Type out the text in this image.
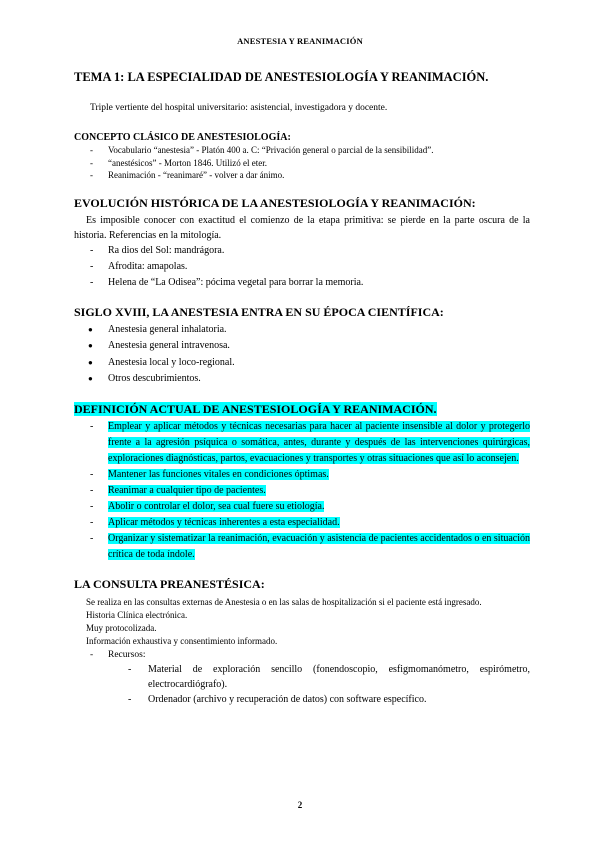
ANESTESIA Y REANIMACIÓN
TEMA 1: LA ESPECIALIDAD DE ANESTESIOLOGÍA Y REANIMACIÓN.

Triple vertiente del hospital universitario: asistencial, investigadora y docente.

CONCEPTO CLÁSICO DE ANESTESIOLOGÍA:
- Vocabulario “anestesia” - Platón 400 a. C: “Privación general o parcial de la sensibilidad”.
- “anestésicos” - Morton 1846. Utilizó el eter.
- Reanimación - “reanimaré” - volver a dar ánimo.
EVOLUCIÓN HISTÓRICA DE LA ANESTESIOLOGÍA Y REANIMACIÓN:

Es imposible conocer con exactitud el comienzo de la etapa primitiva: se pierde en la parte oscura de la historia. Referencias en la mitología.

- Ra dios del Sol: mandrágora.
- Afrodita: amapolas.
- Helena de “La Odisea”: pócima vegetal para borrar la memoria.
SIGLO XVIII, LA ANESTESIA ENTRA EN SU ÉPOCA CIENTÍFICA:
● Anestesia general inhalatoria.
● Anestesia general intravenosa.
● Anestesia local y loco-regional.
● Otros descubrimientos.
DEFINICIÓN ACTUAL DE ANESTESIOLOGÍA Y REANIMACIÓN.
- Emplear y aplicar métodos y técnicas necesarias para hacer al paciente insensible al dolor y protegerlo frente a la agresión psíquica o somática, antes, durante y después de las intervenciones quirúrgicas, exploraciones diagnósticas, partos, evacuaciones y transportes y otras situaciones que así lo aconsejen.
- Mantener las funciones vitales en condiciones óptimas.
- Reanimar a cualquier tipo de pacientes.
- Abolir o controlar el dolor, sea cual fuere su etiología.
- Aplicar métodos y técnicas inherentes a esta especialidad.
- Organizar y sistematizar la reanimación, evacuación y asistencia de pacientes accidentados o en situación crítica de toda índole.
LA CONSULTA PREANESTÉSICA:

Se realiza en las consultas externas de Anestesia o en las salas de hospitalización si el paciente está ingresado.

Historia Clínica electrónica.

Muy protocolizada.

Información exhaustiva y consentimiento informado.

- Recursos:
- Material de exploración sencillo (fonendoscopio, esfigmomanómetro, espirómetro, electrocardiógrafo).
- Ordenador (archivo y recuperación de datos) con software específico.
2
